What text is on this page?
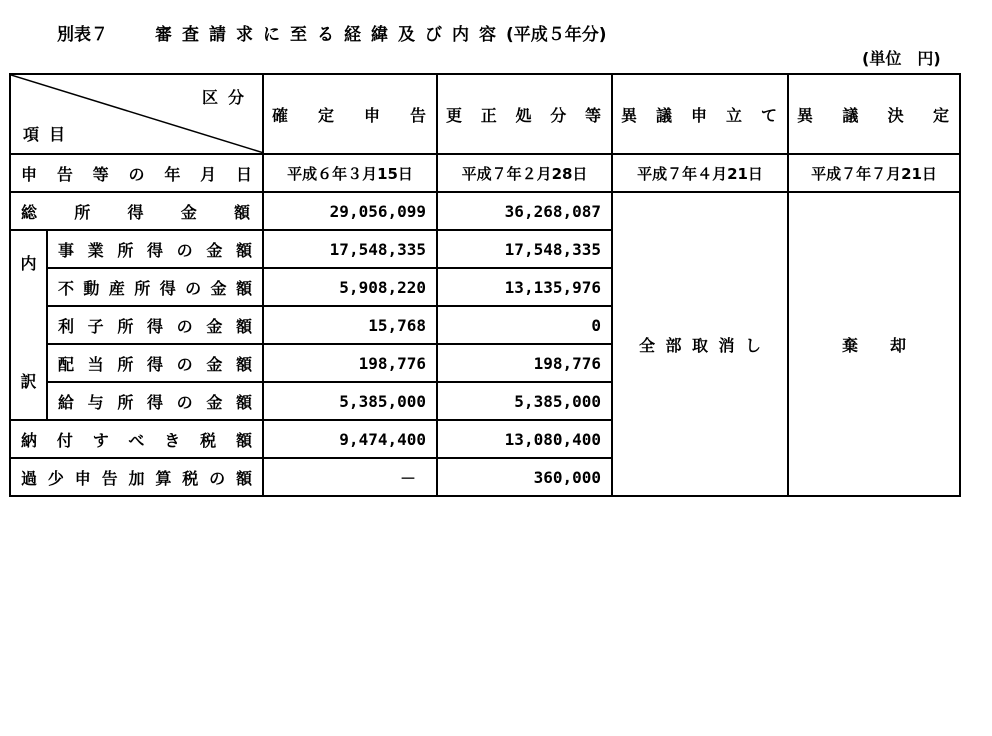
別表７	審査請求に至る経緯及び内容(平成５年分)
(単位　円)
区分
項目		確定申告	更正処分等	異議申立て	異議決定
申告等の年月日		平成６年３月15日	平成７年２月28日	平成７年４月21日	平成７年７月21日
総所得金額		29,056,099	36,268,087	全部取消し	棄　　却

内
訳	事業所得の金額	17,548,335	17,548,335		
	不動産所得の金額	5,908,220	13,135,976		
	利子所得の金額	15,768	0		
	配当所得の金額	198,776	198,776		
	給与所得の金額	5,385,000	5,385,000		
納付すべき税額		9,474,400	13,080,400		
過少申告加算税の額		－	360,000		
